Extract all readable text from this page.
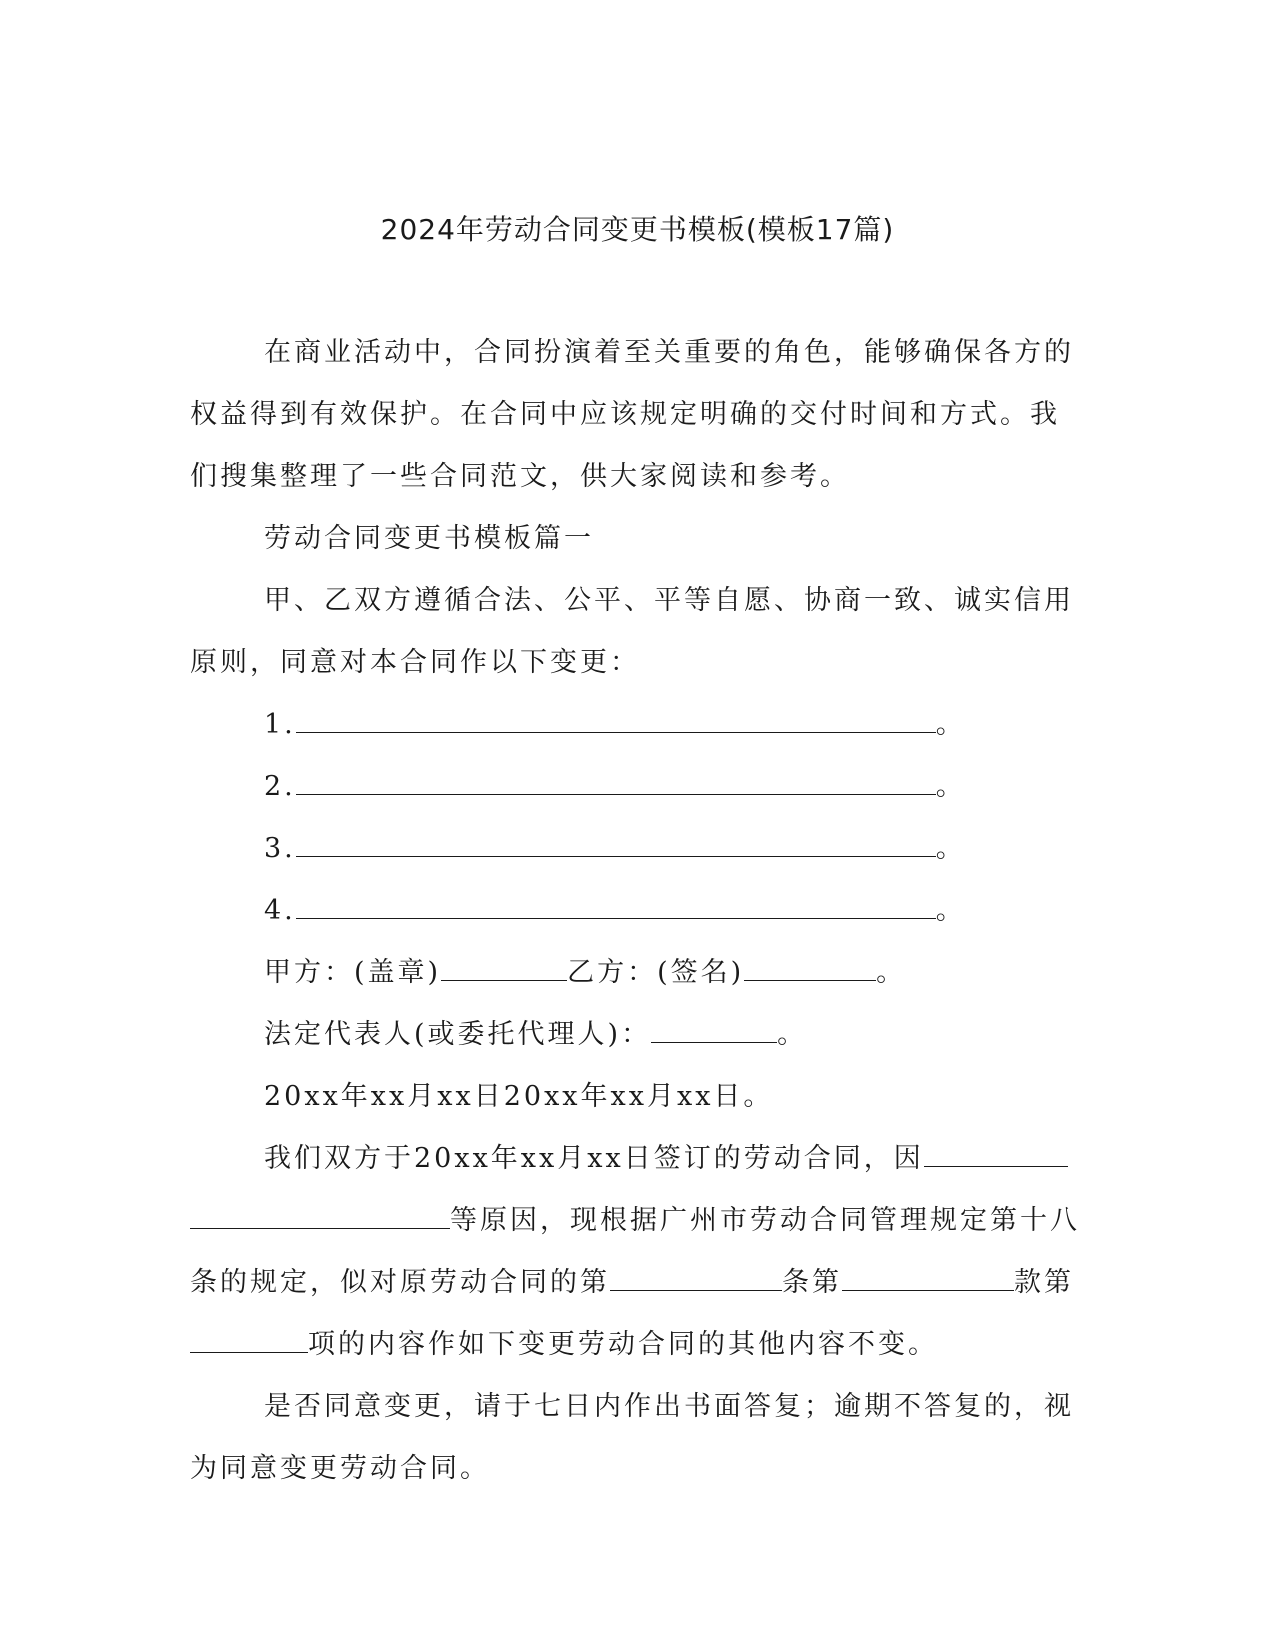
2024年劳动合同变更书模板(模板17篇)

在商业活动中，合同扮演着至关重要的角色，能够确保各方的权益得到有效保护。在合同中应该规定明确的交付时间和方式。我们搜集整理了一些合同范文，供大家阅读和参考。

劳动合同变更书模板篇一

甲、乙双方遵循合法、公平、平等自愿、协商一致、诚实信用原则，同意对本合同作以下变更：

1.	。

2.	。

3.	。

4.	。

甲方：(盖章)	乙方：(签名)	。

法定代表人(或委托代理人)：	。

20xx年xx月xx日20xx年xx月xx日。

我们双方于20xx年xx月xx日签订的劳动合同，因 等原因，现根据广州市劳动合同管理规定第十八条的规定，似对原劳动合同的第	条第	款第 项的内容作如下变更劳动合同的其他内容不变。

是否同意变更，请于七日内作出书面答复；逾期不答复的，视为同意变更劳动合同。
